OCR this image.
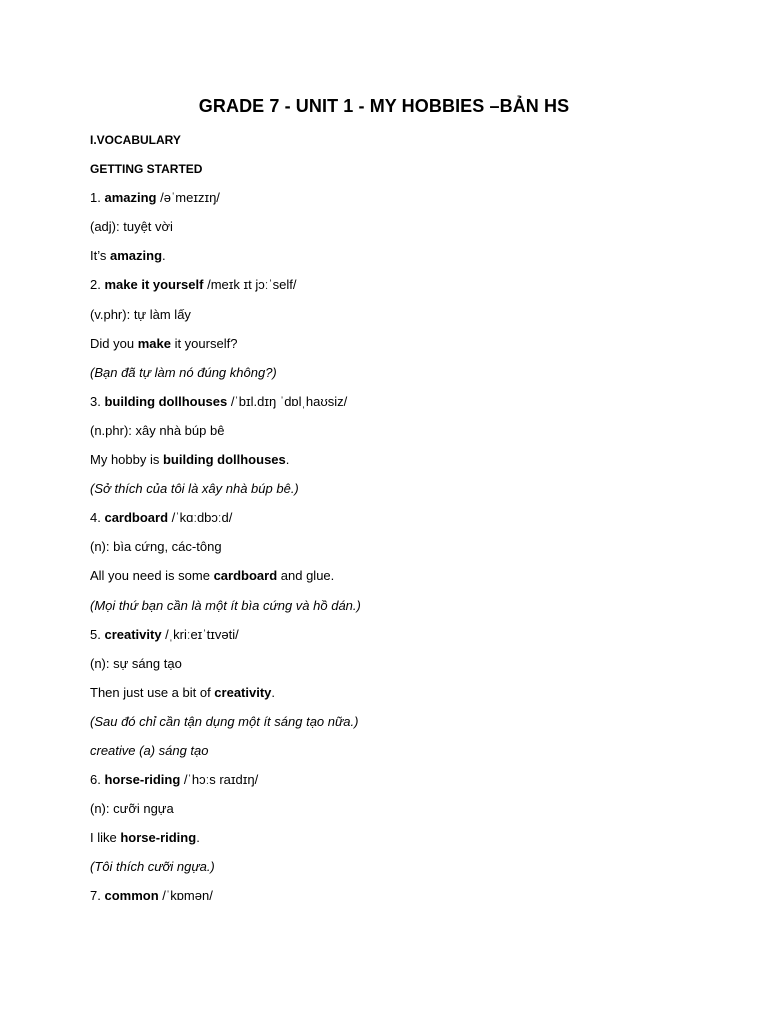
GRADE 7 - UNIT 1 - MY HOBBIES –BẢN HS

I.VOCABULARY

GETTING STARTED

1. amazing /əˈmeɪzɪŋ/

(adj): tuyệt vời

It’s amazing.

2. make it yourself /meɪk ɪt jɔːˈself/

(v.phr): tự làm lấy

Did you make it yourself?

(Bạn đã tự làm nó đúng không?)

3. building dollhouses /ˈbɪl.dɪŋ ˈdɒlˌhaʊsiz/

(n.phr): xây nhà búp bê

My hobby is building dollhouses.

(Sở thích của tôi là xây nhà búp bê.)

4. cardboard /ˈkɑːdbɔːd/

(n): bìa cứng, các-tông

All you need is some cardboard and glue.

(Mọi thứ bạn cần là một ít bìa cứng và hồ dán.)

5. creativity /ˌkriːeɪˈtɪvəti/

(n): sự sáng tạo

Then just use a bit of creativity.

(Sau đó chỉ cần tận dụng một ít sáng tạo nữa.)

creative (a) sáng tạo

6. horse-riding /ˈhɔːs raɪdɪŋ/

(n): cưỡi ngựa

I like horse-riding.

(Tôi thích cưỡi ngựa.)

7. common /ˈkɒmən/
